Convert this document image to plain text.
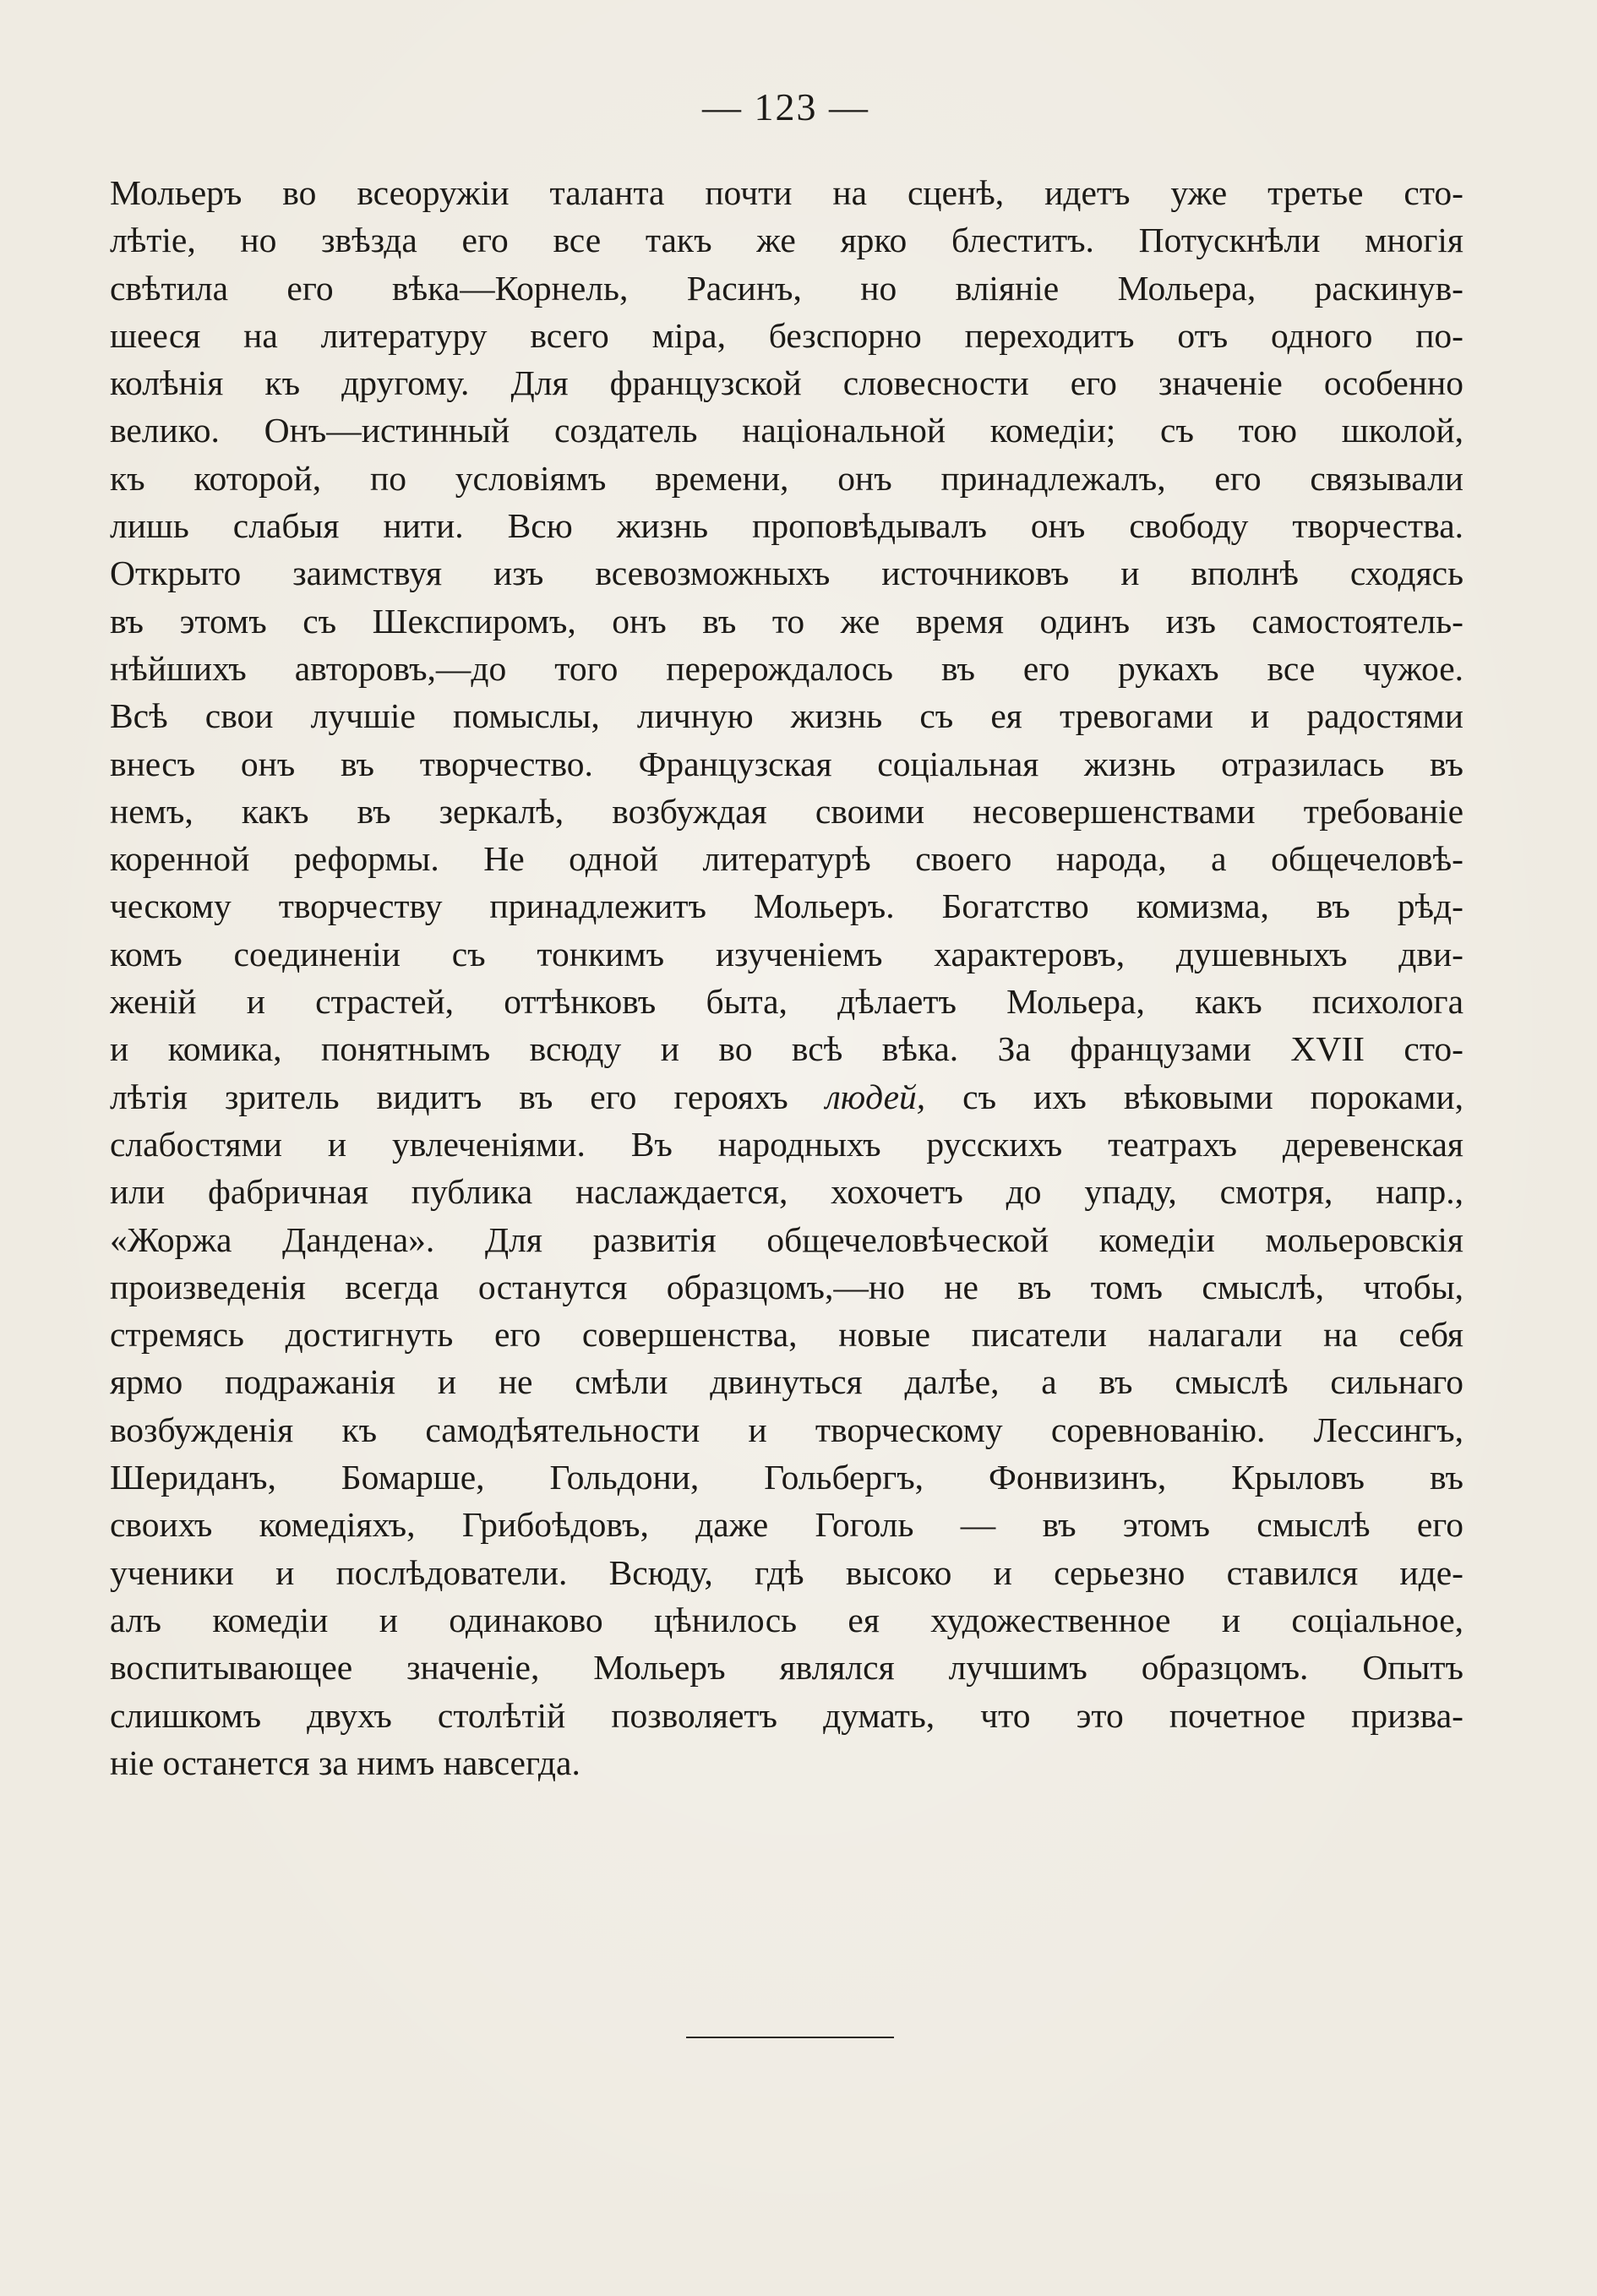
— 123 —
Мольеръ во всеоружіи таланта почти на сценѣ, идетъ уже третье сто-
лѣтіе, но звѣзда его все такъ же ярко блеститъ. Потускнѣли многія
свѣтила его вѣка—Корнель, Расинъ, но вліяніе Мольера, раскинув-
шееся на литературу всего міра, безспорно переходитъ отъ одного по-
колѣнія къ другому. Для французской словесности его значеніе особенно
велико. Онъ—истинный создатель національной комедіи; съ тою школой,
къ которой, по условіямъ времени, онъ принадлежалъ, его связывали
лишь слабыя нити. Всю жизнь проповѣдывалъ онъ свободу творчества.
Открыто заимствуя изъ всевозможныхъ источниковъ и вполнѣ сходясь
въ этомъ съ Шекспиромъ, онъ въ то же время одинъ изъ самостоятель-
нѣйшихъ авторовъ,—до того перерождалось въ его рукахъ все чужое.
Всѣ свои лучшіе помыслы, личную жизнь съ ея тревогами и радостями
внесъ онъ въ творчество. Французская соціальная жизнь отразилась въ
немъ, какъ въ зеркалѣ, возбуждая своими несовершенствами требованіе
коренной реформы. Не одной литературѣ своего народа, а общечеловѣ-
ческому творчеству принадлежитъ Мольеръ. Богатство комизма, въ рѣд-
комъ соединеніи съ тонкимъ изученіемъ характеровъ, душевныхъ дви-
женій и страстей, оттѣнковъ быта, дѣлаетъ Мольера, какъ психолога
и комика, понятнымъ всюду и во всѣ вѣка. За французами XVII сто-
лѣтія зритель видитъ въ его герояхъ людей, съ ихъ вѣковыми пороками,
слабостями и увлеченіями. Въ народныхъ русскихъ театрахъ деревенская
или фабричная публика наслаждается, хохочетъ до упаду, смотря, напр.,
«Жоржа Дандена». Для развитія общечеловѣческой комедіи мольеровскія
произведенія всегда останутся образцомъ,—но не въ томъ смыслѣ, чтобы,
стремясь достигнуть его совершенства, новые писатели налагали на себя
ярмо подражанія и не смѣли двинуться далѣе, а въ смыслѣ сильнаго
возбужденія къ самодѣятельности и творческому соревнованію. Лессингъ,
Шериданъ, Бомарше, Гольдони, Гольбергъ, Фонвизинъ, Крыловъ въ
своихъ комедіяхъ, Грибоѣдовъ, даже Гоголь — въ этомъ смыслѣ его
ученики и послѣдователи. Всюду, гдѣ высоко и серьезно ставился иде-
алъ комедіи и одинаково цѣнилось ея художественное и соціальное,
воспитывающее значеніе, Мольеръ являлся лучшимъ образцомъ. Опытъ
слишкомъ двухъ столѣтій позволяетъ думать, что это почетное призва-
ніе останется за нимъ навсегда.
